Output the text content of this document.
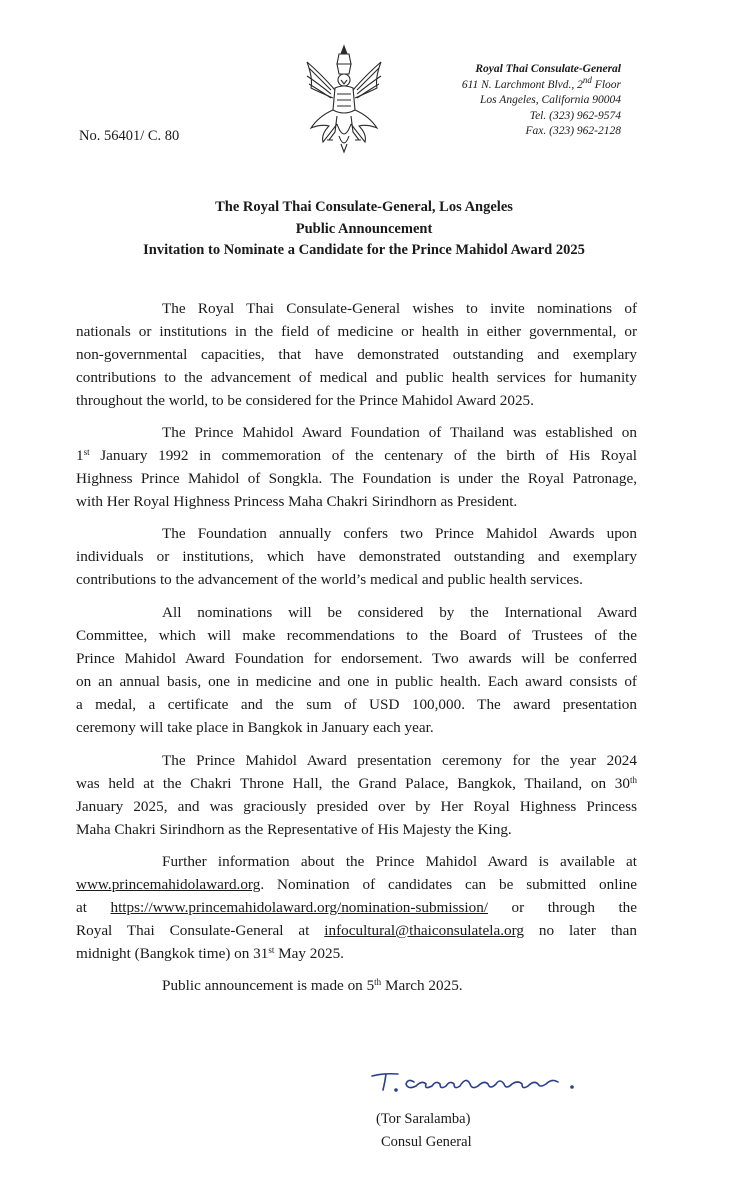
Royal Thai Consulate-General
611 N. Larchmont Blvd., 2nd Floor
Los Angeles, California 90004
Tel. (323) 962-9574
Fax. (323) 962-2128
No. 56401/ C. 80
The Royal Thai Consulate-General, Los Angeles
Public Announcement
Invitation to Nominate a Candidate for the Prince Mahidol Award 2025
The Royal Thai Consulate-General wishes to invite nominations of
nationals or institutions in the field of medicine or health in either governmental, or
non-governmental capacities, that have demonstrated outstanding and exemplary
contributions to the advancement of medical and public health services for humanity
throughout the world, to be considered for the Prince Mahidol Award 2025.
The Prince Mahidol Award Foundation of Thailand was established on
1st January 1992 in commemoration of the centenary of the birth of His Royal
Highness Prince Mahidol of Songkla. The Foundation is under the Royal Patronage,
with Her Royal Highness Princess Maha Chakri Sirindhorn as President.
The Foundation annually confers two Prince Mahidol Awards upon
individuals or institutions, which have demonstrated outstanding and exemplary
contributions to the advancement of the world’s medical and public health services.
All nominations will be considered by the International Award
Committee, which will make recommendations to the Board of Trustees of the
Prince Mahidol Award Foundation for endorsement. Two awards will be conferred
on an annual basis, one in medicine and one in public health. Each award consists of
a medal, a certificate and the sum of USD 100,000. The award presentation
ceremony will take place in Bangkok in January each year.
The Prince Mahidol Award presentation ceremony for the year 2024
was held at the Chakri Throne Hall, the Grand Palace, Bangkok, Thailand, on 30th
January 2025, and was graciously presided over by Her Royal Highness Princess
Maha Chakri Sirindhorn as the Representative of His Majesty the King.
Further information about the Prince Mahidol Award is available at
www.princemahidolaward.org. Nomination of candidates can be submitted online
at https://www.princemahidolaward.org/nomination-submission/ or through the
Royal Thai Consulate-General at infocultural@thaiconsulatela.org no later than
midnight (Bangkok time) on 31st May 2025.
Public announcement is made on 5th March 2025.
(Tor Saralamba)
Consul General
